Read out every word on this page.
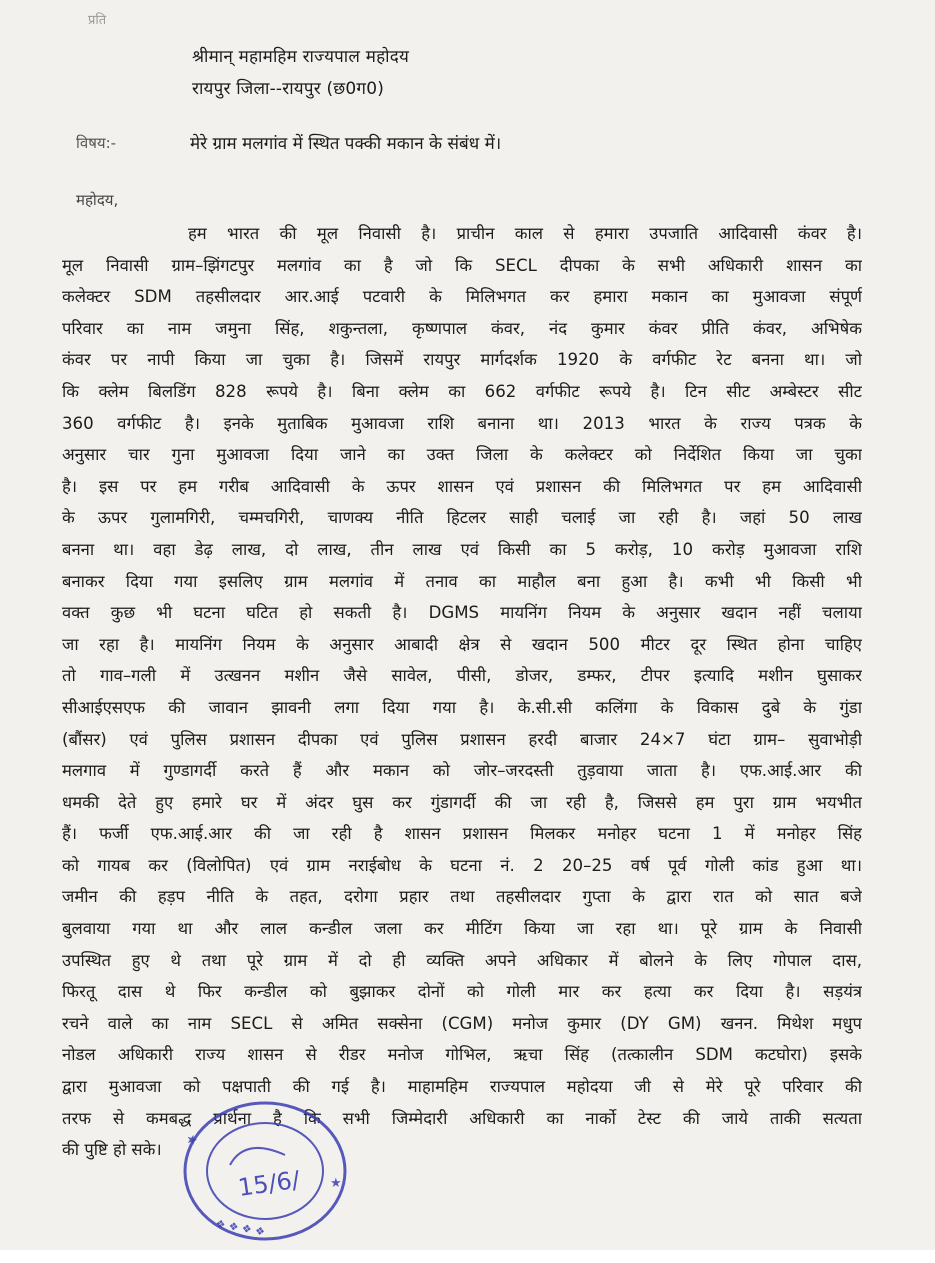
प्रति
श्रीमान् महामहिम राज्यपाल महोदय
रायपुर जिला--रायपुर (छ0ग0)
विषय:-	मेरे ग्राम मलगांव में स्थित पक्की मकान के संबंध में।
महोदय,
हम भारत की मूल निवासी है। प्राचीन काल से हमारा उपजाति आदिवासी कंवर है।
मूल निवासी ग्राम–झिंगटपुर मलगांव का है जो कि SECL दीपका के सभी अधिकारी शासन का
कलेक्टर SDM तहसीलदार आर.आई पटवारी के मिलिभगत कर हमारा मकान का मुआवजा संपूर्ण
परिवार का नाम जमुना सिंह, शकुन्तला, कृष्णपाल कंवर, नंद कुमार कंवर प्रीति कंवर, अभिषेक
कंवर पर नापी किया जा चुका है। जिसमें रायपुर मार्गदर्शक 1920 के वर्गफीट रेट बनना था। जो
कि क्लेम बिलडिंग 828 रूपये है। बिना क्लेम का 662 वर्गफीट रूपये है। टिन सीट अम्बेस्टर सीट
360 वर्गफीट है। इनके मुताबिक मुआवजा राशि बनाना था। 2013 भारत के राज्य पत्रक के
अनुसार चार गुना मुआवजा दिया जाने का उक्त जिला के कलेक्टर को निर्देशित किया जा चुका
है। इस पर हम गरीब आदिवासी के ऊपर शासन एवं प्रशासन की मिलिभगत पर हम आदिवासी
के ऊपर गुलामगिरी, चम्मचगिरी, चाणक्य नीति हिटलर साही चलाई जा रही है। जहां 50 लाख
बनना था। वहा डेढ़ लाख, दो लाख, तीन लाख एवं किसी का 5 करोड़, 10 करोड़ मुआवजा राशि
बनाकर दिया गया इसलिए ग्राम मलगांव में तनाव का माहौल बना हुआ है। कभी भी किसी भी
वक्त कुछ भी घटना घटित हो सकती है। DGMS मायनिंग नियम के अनुसार खदान नहीं चलाया
जा रहा है। मायनिंग नियम के अनुसार आबादी क्षेत्र से खदान 500 मीटर दूर स्थित होना चाहिए
तो गाव–गली में उत्खनन मशीन जैसे सावेल, पीसी, डोजर, डम्फर, टीपर इत्यादि मशीन घुसाकर
सीआईएसएफ की जावान झावनी लगा दिया गया है। के.सी.सी कलिंगा के विकास दुबे के गुंडा
(बौंसर) एवं पुलिस प्रशासन दीपका एवं पुलिस प्रशासन हरदी बाजार 24×7 घंटा ग्राम– सुवाभोड़ी
मलगाव में गुण्डागर्दी करते हैं और मकान को जोर–जरदस्ती तुड़वाया जाता है। एफ.आई.आर की
धमकी देते हुए हमारे घर में अंदर घुस कर गुंडागर्दी की जा रही है, जिससे हम पुरा ग्राम भयभीत
हैं। फर्जी एफ.आई.आर की जा रही है शासन प्रशासन मिलकर मनोहर घटना 1 में मनोहर सिंह
को गायब कर (विलोपित) एवं ग्राम नराईबोध के घटना नं. 2 20–25 वर्ष पूर्व गोली कांड हुआ था।
जमीन की हड़प नीति के तहत, दरोगा प्रहार तथा तहसीलदार गुप्ता के द्वारा रात को सात बजे
बुलवाया गया था और लाल कन्डील जला कर मीटिंग किया जा रहा था। पूरे ग्राम के निवासी
उपस्थित हुए थे तथा पूरे ग्राम में दो ही व्यक्ति अपने अधिकार में बोलने के लिए गोपाल दास,
फिरतू दास थे फिर कन्डील को बुझाकर दोनों को गोली मार कर हत्या कर दिया है। सड़यंत्र
रचने वाले का नाम SECL से अमित सक्सेना (CGM) मनोज कुमार (DY GM) खनन. मिथेश मधुप
नोडल अधिकारी राज्य शासन से रीडर मनोज गोभिल, ऋचा सिंह (तत्कालीन SDM कटघोरा) इसके
द्वारा मुआवजा को पक्षपाती की गई है। माहामहिम राज्यपाल महोदया जी से मेरे पूरे परिवार की
तरफ से कमबद्ध प्रार्थना है कि सभी जिम्मेदारी अधिकारी का नार्को टेस्ट की जाये ताकी सत्यता
की पुष्टि हो सके।
★
★
❖ ❖ ❖ ❖
15/6/
